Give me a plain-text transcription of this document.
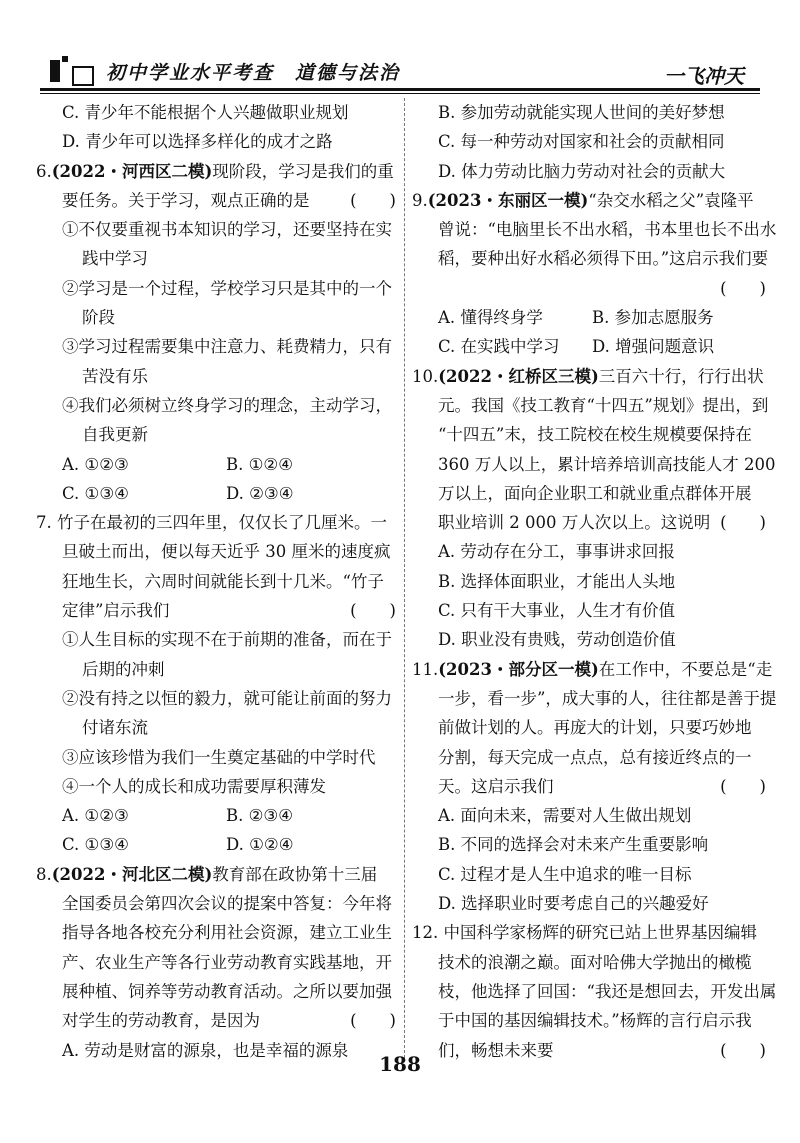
初中学业水平考查　道德与法治	一飞冲天
C. 青少年不能根据个人兴趣做职业规划
D. 青少年可以选择多样化的成才之路
6.(2022・河西区二模)现阶段，学习是我们的重
要任务。关于学习，观点正确的是 (　　)
①不仅要重视书本知识的学习，还要坚持在实
践中学习
②学习是一个过程，学校学习只是其中的一个
阶段
③学习过程需要集中注意力、耗费精力，只有
苦没有乐
④我们必须树立终身学习的理念，主动学习，
自我更新
A. ①②③	B. ①②④
C. ①③④	D. ②③④
7. 竹子在最初的三四年里，仅仅长了几厘米。一
旦破土而出，便以每天近乎 30 厘米的速度疯
狂地生长，六周时间就能长到十几米。“竹子
定律”启示我们	(　　)
①人生目标的实现不在于前期的准备，而在于
后期的冲刺
②没有持之以恒的毅力，就可能让前面的努力
付诸东流
③应该珍惜为我们一生奠定基础的中学时代
④一个人的成长和成功需要厚积薄发
A. ①②③	B. ②③④
C. ①③④	D. ①②④
8.(2022・河北区二模)教育部在政协第十三届
全国委员会第四次会议的提案中答复：今年将
指导各地各校充分利用社会资源，建立工业生
产、农业生产等各行业劳动教育实践基地，开
展种植、饲养等劳动教育活动。之所以要加强
对学生的劳动教育，是因为	(　　)
A. 劳动是财富的源泉，也是幸福的源泉
B. 参加劳动就能实现人世间的美好梦想
C. 每一种劳动对国家和社会的贡献相同
D. 体力劳动比脑力劳动对社会的贡献大
9.(2023・东丽区一模)“杂交水稻之父”袁隆平
曾说：“电脑里长不出水稻，书本里也长不出水
稻，要种出好水稻必须得下田。”这启示我们要
(　　)
A. 懂得终身学	B. 参加志愿服务
C. 在实践中学习 D. 增强问题意识
10.(2022・红桥区三模)三百六十行，行行出状
元。我国《技工教育“十四五”规划》提出，到
“十四五”末，技工院校在校生规模要保持在
360 万人以上，累计培养培训高技能人才 200
万以上，面向企业职工和就业重点群体开展
职业培训 2 000 万人次以上。这说明 (　　)
A. 劳动存在分工，事事讲求回报
B. 选择体面职业，才能出人头地
C. 只有干大事业，人生才有价值
D. 职业没有贵贱，劳动创造价值
11.(2023・部分区一模)在工作中，不要总是“走
一步，看一步”，成大事的人，往往都是善于提
前做计划的人。再庞大的计划，只要巧妙地
分割，每天完成一点点，总有接近终点的一
天。这启示我们	(　　)
A. 面向未来，需要对人生做出规划
B. 不同的选择会对未来产生重要影响
C. 过程才是人生中追求的唯一目标
D. 选择职业时要考虑自己的兴趣爱好
12. 中国科学家杨辉的研究已站上世界基因编辑
技术的浪潮之巅。面对哈佛大学抛出的橄榄
枝，他选择了回国：“我还是想回去，开发出属
于中国的基因编辑技术。”杨辉的言行启示我
们，畅想未来要	(　　)
188
